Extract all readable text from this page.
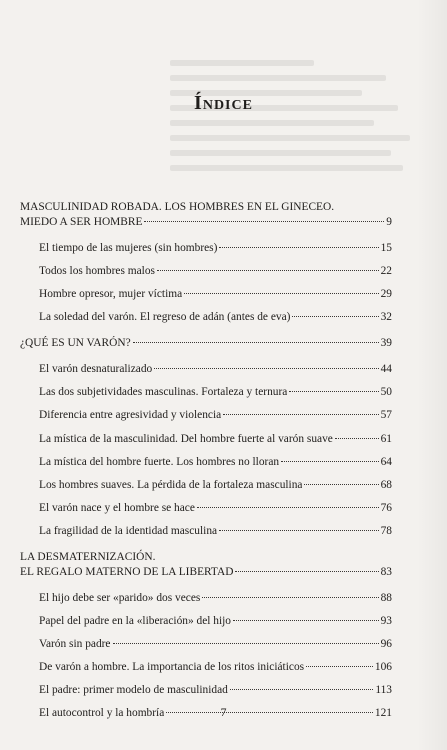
Índice
MASCULINIDAD ROBADA. LOS HOMBRES EN EL GINECEO.
MIEDO A SER HOMBRE	9
El tiempo de las mujeres (sin hombres)	15
Todos los hombres malos	22
Hombre opresor, mujer víctima	29
La soledad del varón. El regreso de adán (antes de eva)	32
¿QUÉ ES UN VARÓN?	39
El varón desnaturalizado	44
Las dos subjetividades masculinas. Fortaleza y ternura	50
Diferencia entre agresividad y violencia	57
La mística de la masculinidad. Del hombre fuerte al varón suave	61
La mística del hombre fuerte. Los hombres no lloran	64
Los hombres suaves. La pérdida de la fortaleza masculina	68
El varón nace y el hombre se hace	76
La fragilidad de la identidad masculina	78
LA DESMATERNIZACIÓN.
EL REGALO MATERNO DE LA LIBERTAD	83
El hijo debe ser «parido» dos veces	88
Papel del padre en la «liberación» del hijo	93
Varón sin padre	96
De varón a hombre. La importancia de los ritos iniciáticos	106
El padre: primer modelo de masculinidad	113
El autocontrol y la hombría	121
7
